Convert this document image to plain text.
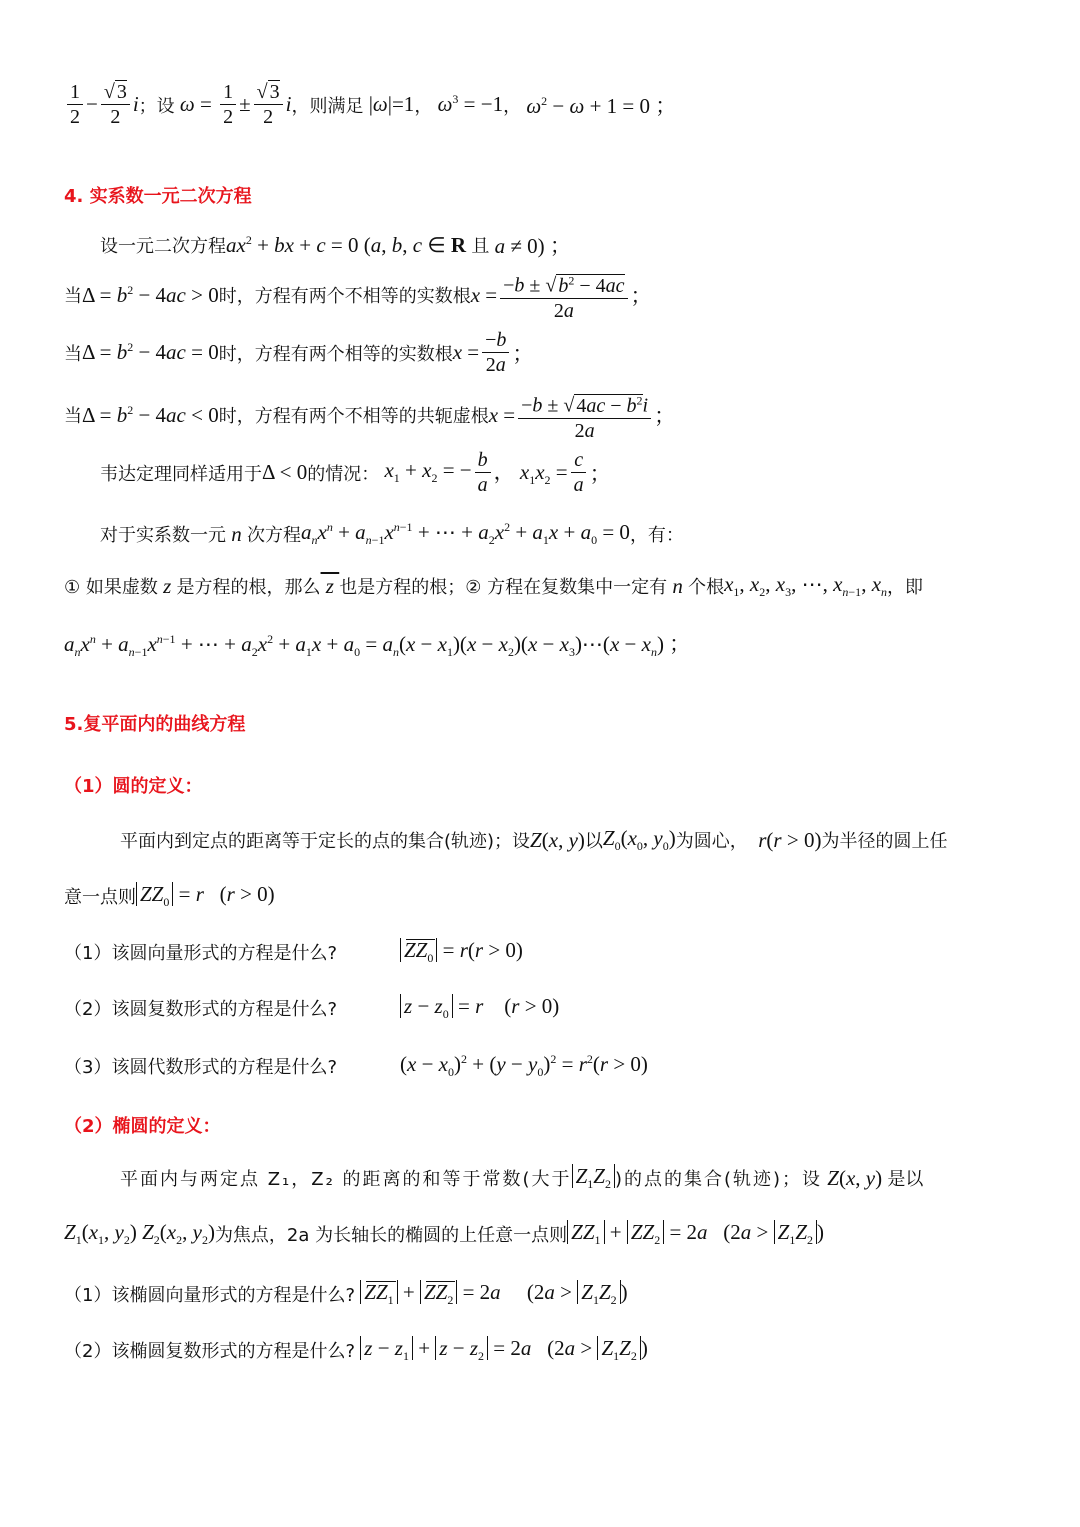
$\frac{1}{2} - \frac{√ 3}{2}$ i ；设 $\omega = \frac{1}{2} \pm \frac{√ 3}{2}$ i ，则满足 |ω|=1 ， $\omega^3 = -1$ ， $\omega^2 - \omega + 1 = 0$ ；
4. 实系数一元二次方程
设一元二次方程 $ax^2$ + bx + c = 0 (a, b, c ∈ R 且 a ≠ 0) ；
当 $\Delta = b^2 - 4ac > 0$ 时，方程有两个不相等的实数根 $x = \frac{-b \pm √ b^2 - 4ac}{2a}$ ；
当 $\Delta = b^2 - 4ac = 0$ 时，方程有两个相等的实数根 $x = \frac{-b}{2a}$ ；
当 $\Delta = b^2 - 4ac < 0$ 时，方程有两个不相等的共轭虚根 $x = \frac{-b \pm √ 4ac - b^2i}{2a}$ ；
韦达定理同样适用于 Δ < 0 的情况： $x_1 + x_2$ = − $\frac{b}{a}$ ， $x_1x_2 = \frac{c}{a}$ ；
对于实系数一元 n 次方程 $a_nx^n + a_{n-1}x^{n-1}$ + ⋯ + $a_2x^2 + a_1x + a_0 = 0$ ，有：
① 如果虚数 z 是方程的根，那么 z 也是方程的根；② 方程在复数集中一定有 n 个根 $x_1$, $x_2$, $x_3$, ⋯, $x_{n-1}$, $x_n$ ，即
$a_nx^n + a_{n-1}x^{n-1}$ + ⋯ + $a_2x^2 + a_1x + a_0 = a_n(x - x_1)(x - x_2)(x$ − $x_3)\cdots(x - x_n)$ ；
5.复平面内的曲线方程
（1）圆的定义：
平面内到定点的距离等于定长的点的集合(轨迹)；设 Z(x, y) 以 $Z_0(x_0$, $y_0$) 为圆心， r(r > 0) 为半径的圆上任
意一点则 $ZZ_0 = r$   (r > 0)
（1）该圆向量形式的方程是什么?	$ZZ_0 = r(r > 0)$
（2）该圆复数形式的方程是什么?	$z - z_0 = r$    (r > 0)
（3）该圆代数形式的方程是什么?	$(x - x_0)^2 + (y - y_0)^2 = r^2(r > 0)$
（2）椭圆的定义：
平面内与两定点 Z₁，Z₂ 的距离的和等于常数(大于 $Z_1Z_2$ )的点的集合(轨迹)；设 Z(x, y) 是以
$Z_1(x_1$, $y_2$) $Z_2(x_2$, $y_2$) 为焦点，2a 为长轴长的椭圆的上任意一点则 $ZZ_1 + ZZ_2 = 2a$   ($2a > Z_1Z_2$ )
（1）该椭圆向量形式的方程是什么? $ZZ_1 + ZZ_2 = 2a$     ($2a > Z_1Z_2$ )
（2）该椭圆复数形式的方程是什么? $z - z_1 + z - z_2 = 2a$   ($2a > Z_1Z_2$ )
